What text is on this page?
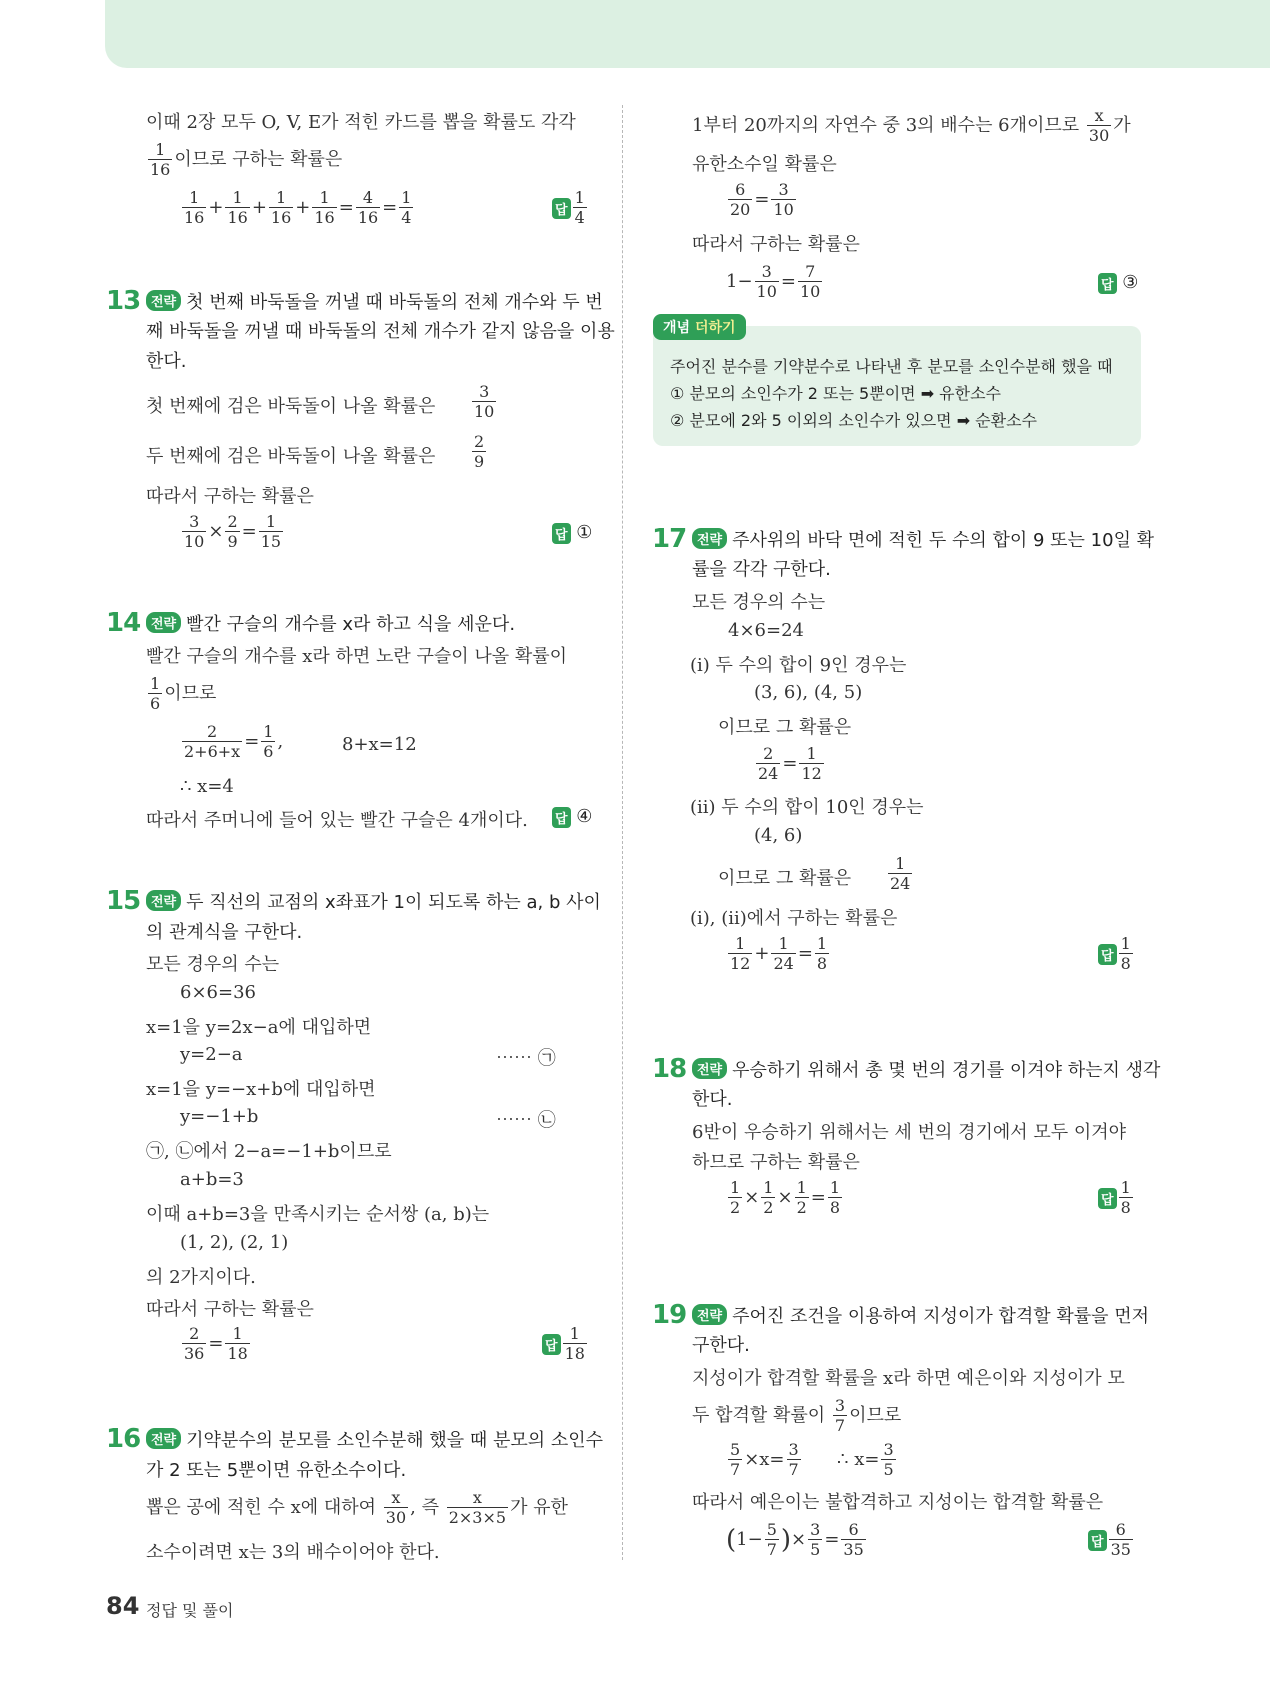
이때 2장 모두 O, V, E가 적힌 카드를 뽑을 확률도 각각
$\frac{1}{16}$ 이므로 구하는 확률은
$\frac{1}{16} + \frac{1}{16} + \frac{1}{16} + \frac{1}{16} = \frac{4}{16} = \frac{1}{4}$	답 $\frac{1}{4}$
13 전략 첫 번째 바둑돌을 꺼낼 때 바둑돌의 전체 개수와 두 번
째 바둑돌을 꺼낼 때 바둑돌의 전체 개수가 같지 않음을 이용
한다.
첫 번째에 검은 바둑돌이 나올 확률은 $\frac{3}{10}$
두 번째에 검은 바둑돌이 나올 확률은 $\frac{2}{9}$
따라서 구하는 확률은
$\frac{3}{10} \times \frac{2}{9} = \frac{1}{15}$	답 ①
14 전략 빨간 구슬의 개수를 x라 하고 식을 세운다.
빨간 구슬의 개수를 x라 하면 노란 구슬이 나올 확률이
$\frac{1}{6}$ 이므로
$\frac{2}{2+6+x} = \frac{1}{6}$ ,	8+x=12
∴ x=4
따라서 주머니에 들어 있는 빨간 구슬은 4개이다. 답 ④
15 전략 두 직선의 교점의 x좌표가 1이 되도록 하는 a, b 사이
의 관계식을 구한다.
모든 경우의 수는
6×6=36
x=1을 y=2x−a에 대입하면
y=2−a	⋯⋯ ㉠
x=1을 y=−x+b에 대입하면
y=−1+b	⋯⋯ ㉡
㉠, ㉡에서 2−a=−1+b이므로
a+b=3
이때 a+b=3을 만족시키는 순서쌍 (a, b)는
(1, 2), (2, 1)
의 2가지이다.
따라서 구하는 확률은
$\frac{2}{36} = \frac{1}{18}$	답 $\frac{1}{18}$
16 전략 기약분수의 분모를 소인수분해 했을 때 분모의 소인수
가 2 또는 5뿐이면 유한소수이다.
뽑은 공에 적힌 수 x에 대하여 $\frac{x}{30}$ , 즉 $\frac{x}{2\times 3\times 5}$ 가 유한
소수이려면 x는 3의 배수이어야 한다.
1부터 20까지의 자연수 중 3의 배수는 6개이므로 $\frac{x}{30}$ 가
유한소수일 확률은
$\frac{6}{20} = \frac{3}{10}$
따라서 구하는 확률은
$1- \frac{3}{10} = \frac{7}{10}$	답 ③
개념 더하기
주어진 분수를 기약분수로 나타낸 후 분모를 소인수분해 했을 때
① 분모의 소인수가 2 또는 5뿐이면 ➡ 유한소수
② 분모에 2와 5 이외의 소인수가 있으면 ➡ 순환소수
17 전략 주사위의 바닥 면에 적힌 두 수의 합이 9 또는 10일 확
률을 각각 구한다.
모든 경우의 수는
4×6=24
(ⅰ) 두 수의 합이 9인 경우는
(3, 6), (4, 5)
이므로 그 확률은
$\frac{2}{24} = \frac{1}{12}$
(ⅱ) 두 수의 합이 10인 경우는
(4, 6)
이므로 그 확률은 $\frac{1}{24}$
(ⅰ), (ⅱ)에서 구하는 확률은
$\frac{1}{12} + \frac{1}{24} = \frac{1}{8}$	답 $\frac{1}{8}$
18 전략 우승하기 위해서 총 몇 번의 경기를 이겨야 하는지 생각
한다.
6반이 우승하기 위해서는 세 번의 경기에서 모두 이겨야
하므로 구하는 확률은
$\frac{1}{2} \times \frac{1}{2} \times \frac{1}{2} = \frac{1}{8}$	답 $\frac{1}{8}$
19 전략 주어진 조건을 이용하여 지성이가 합격할 확률을 먼저
구한다.
지성이가 합격할 확률을 x라 하면 예은이와 지성이가 모
두 합격할 확률이 $\frac{3}{7}$ 이므로
$\frac{5}{7} \times x= \frac{3}{7}$ ∴ $x= \frac{3}{5}$
따라서 예은이는 불합격하고 지성이는 합격할 확률은
($1- \frac{5}{7}$ )× $\frac{3}{5} = \frac{6}{35}$	답 $\frac{6}{35}$
84 정답 및 풀이
